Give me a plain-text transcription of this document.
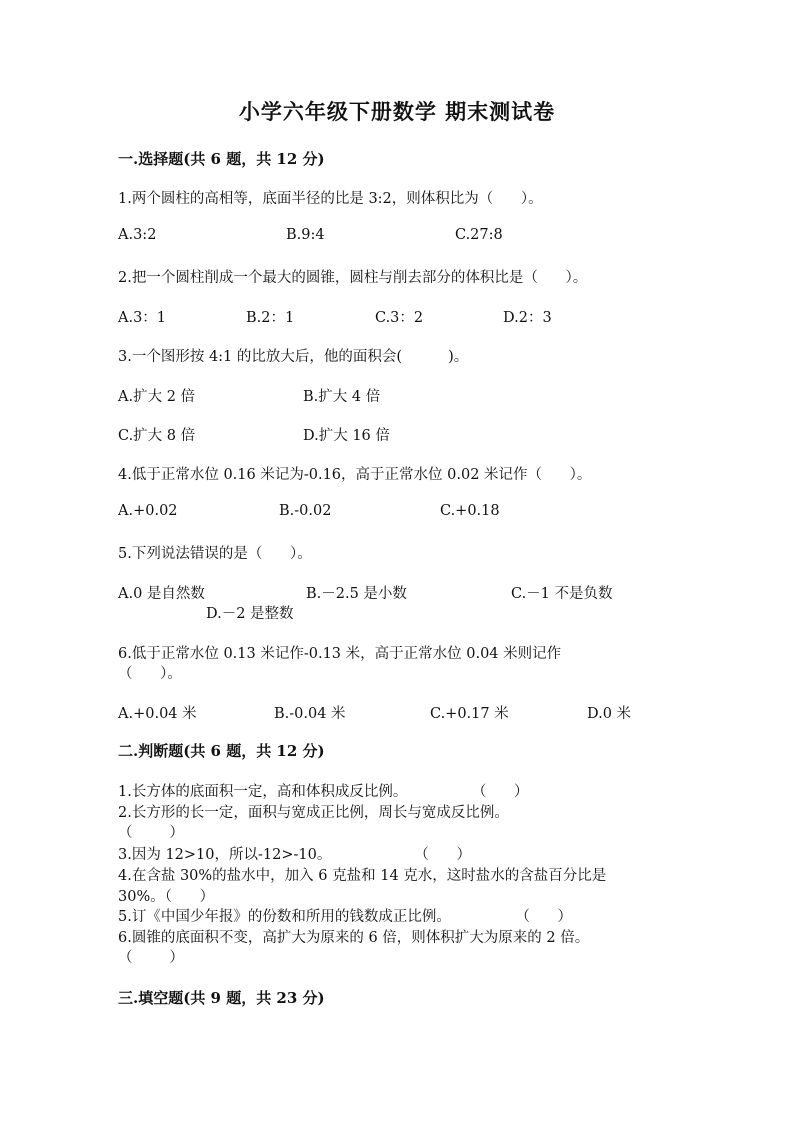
小学六年级下册数学 期末测试卷
一.选择题(共 6 题，共 12 分)
1.两个圆柱的高相等，底面半径的比是 3:2，则体积比为（      ）。
A.3:2	B.9:4	C.27:8
2.把一个圆柱削成一个最大的圆锥，圆柱与削去部分的体积比是（      ）。
A.3：1	B.2：1	C.3：2	D.2：3
3.一个图形按 4:1 的比放大后，他的面积会(          )。
A.扩大 2 倍	B.扩大 4 倍
C.扩大 8 倍	D.扩大 16 倍
4.低于正常水位 0.16 米记为-0.16，高于正常水位 0.02 米记作（      ）。
A.+0.02	B.-0.02	C.+0.18
5.下列说法错误的是（      ）。
A.0 是自然数	B.－2.5 是小数	C.－1 不是负数
D.－2 是整数
6.低于正常水位 0.13 米记作-0.13 米，高于正常水位 0.04 米则记作
（      ）。
A.+0.04 米	B.-0.04 米	C.+0.17 米	D.0 米
二.判断题(共 6 题，共 12 分)
1.长方体的底面积一定，高和体积成反比例。              （      ）
2.长方形的长一定，面积与宽成正比例，周长与宽成反比例。
（        ）
3.因为 12>10，所以-12>-10。                  （      ）
4.在含盐 30%的盐水中，加入 6 克盐和 14 克水，这时盐水的含盐百分比是
30%。（      ）
5.订《中国少年报》的份数和所用的钱数成正比例。              （      ）
6.圆锥的底面积不变，高扩大为原来的 6 倍，则体积扩大为原来的 2 倍。
（        ）
三.填空题(共 9 题，共 23 分)
